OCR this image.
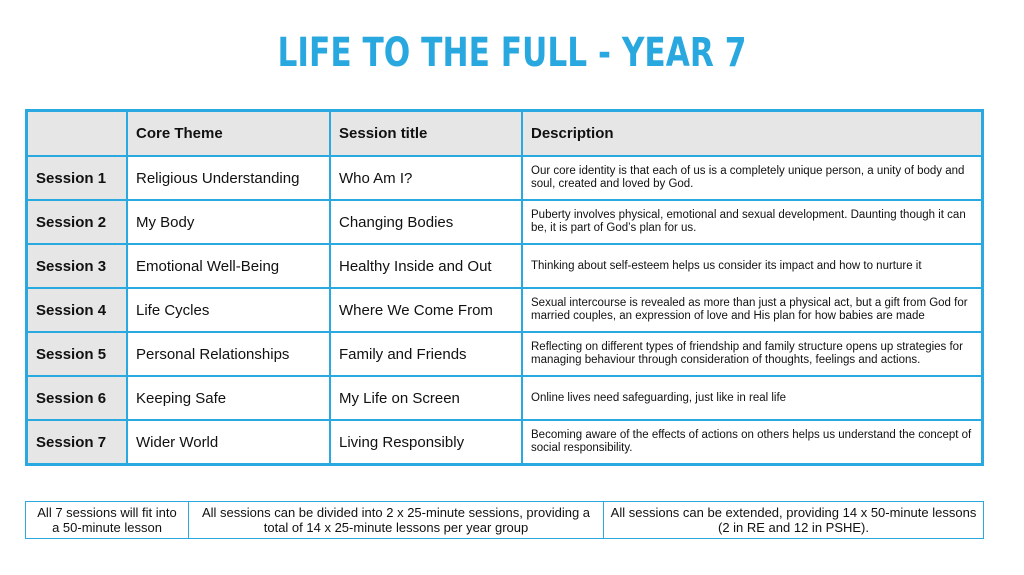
LIFE TO THE FULL - YEAR 7
	Core Theme	Session title	Description
Session 1	Religious Understanding	Who Am I?	Our core identity is that each of us is a completely unique person, a unity of body and soul, created and loved by God.
Session 2	My Body	Changing Bodies	Puberty involves physical, emotional and sexual development. Daunting though it can be, it is part of God’s plan for us.
Session 3	Emotional Well-Being	Healthy Inside and Out	Thinking about self-esteem helps us consider its impact and how to nurture it
Session 4	Life Cycles	Where We Come From	Sexual intercourse is revealed as more than just a physical act, but a gift from God for married couples, an expression of love and His plan for how babies are made
Session 5	Personal Relationships	Family and Friends	Reflecting on different types of friendship and family structure opens up strategies for managing behaviour through consideration of thoughts, feelings and actions.
Session 6	Keeping Safe	My Life on Screen	Online lives need safeguarding, just like in real life
Session 7	Wider World	Living Responsibly	Becoming aware of the effects of actions on others helps us understand the concept of social responsibility.
All 7 sessions will fit into a 50-minute lesson	All sessions can be divided into 2 x 25-minute sessions, providing a total of 14 x 25-minute lessons per year group	All sessions can be extended, providing 14 x 50-minute lessons (2 in RE and 12 in PSHE).
